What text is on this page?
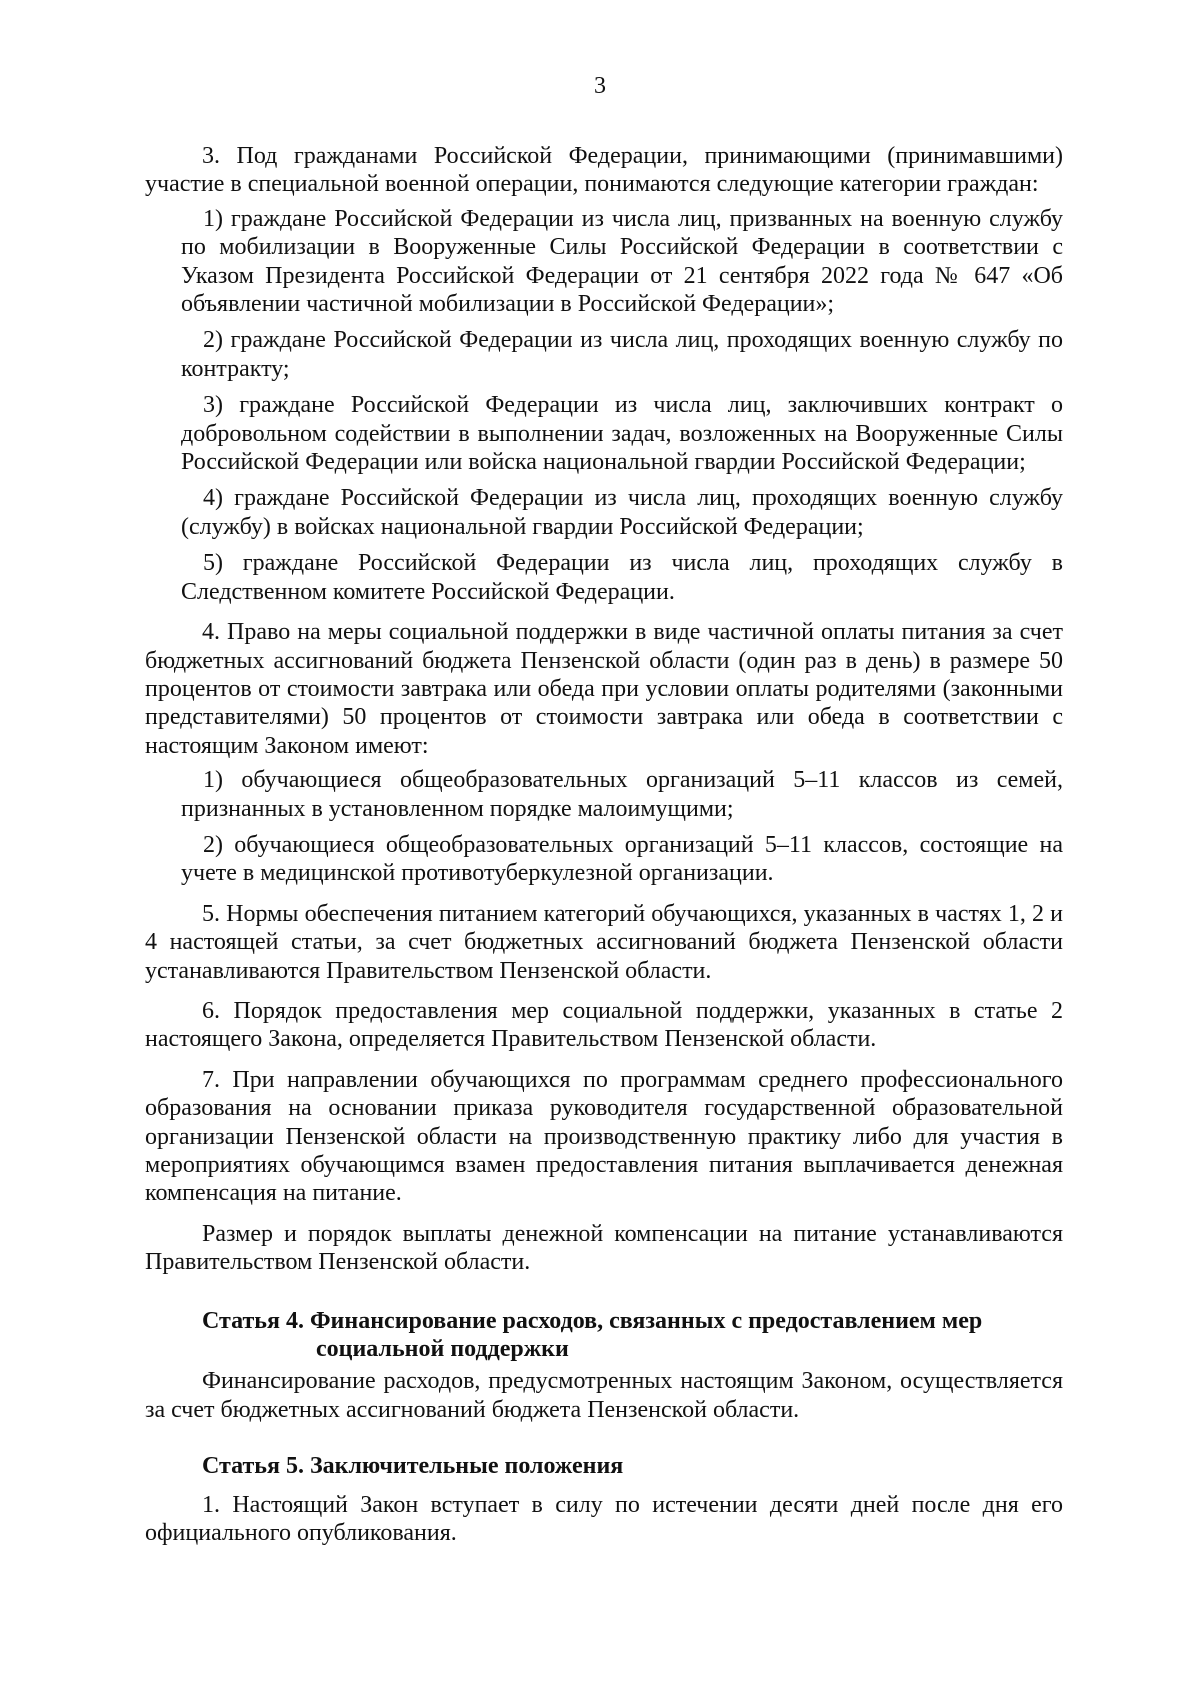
3

3. Под гражданами Российской Федерации, принимающими (принимавшими) участие в специальной военной операции, понимаются следующие категории граждан:

1) граждане Российской Федерации из числа лиц, призванных на военную службу по мобилизации в Вооруженные Силы Российской Федерации в соответствии с Указом Президента Российской Федерации от 21 сентября 2022 года № 647 «Об объявлении частичной мобилизации в Российской Федерации»;

2) граждане Российской Федерации из числа лиц, проходящих военную службу по контракту;

3) граждане Российской Федерации из числа лиц, заключивших контракт о добровольном содействии в выполнении задач, возложенных на Вооруженные Силы Российской Федерации или войска национальной гвардии Российской Федерации;

4) граждане Российской Федерации из числа лиц, проходящих военную службу (службу) в войсках национальной гвардии Российской Федерации;

5) граждане Российской Федерации из числа лиц, проходящих службу в Следственном комитете Российской Федерации.

4. Право на меры социальной поддержки в виде частичной оплаты питания за счет бюджетных ассигнований бюджета Пензенской области (один раз в день) в размере 50 процентов от стоимости завтрака или обеда при условии оплаты родителями (законными представителями) 50 процентов от стоимости завтрака или обеда в соответствии с настоящим Законом имеют:

1) обучающиеся общеобразовательных организаций 5–11 классов из семей, признанных в установленном порядке малоимущими;

2) обучающиеся общеобразовательных организаций 5–11 классов, состоящие на учете в медицинской противотуберкулезной организации.

5. Нормы обеспечения питанием категорий обучающихся, указанных в частях 1, 2 и 4 настоящей статьи, за счет бюджетных ассигнований бюджета Пензенской области устанавливаются Правительством Пензенской области.

6. Порядок предоставления мер социальной поддержки, указанных в статье 2 настоящего Закона, определяется Правительством Пензенской области.

7. При направлении обучающихся по программам среднего профессионального образования на основании приказа руководителя государственной образовательной организации Пензенской области на производственную практику либо для участия в мероприятиях обучающимся взамен предоставления питания выплачивается денежная компенсация на питание.

Размер и порядок выплаты денежной компенсации на питание устанавливаются Правительством Пензенской области.

Статья 4. Финансирование расходов, связанных с предоставлением мер
социальной поддержки

Финансирование расходов, предусмотренных настоящим Законом, осуществляется за счет бюджетных ассигнований бюджета Пензенской области.

Статья 5. Заключительные положения

1. Настоящий Закон вступает в силу по истечении десяти дней после дня его официального опубликования.
